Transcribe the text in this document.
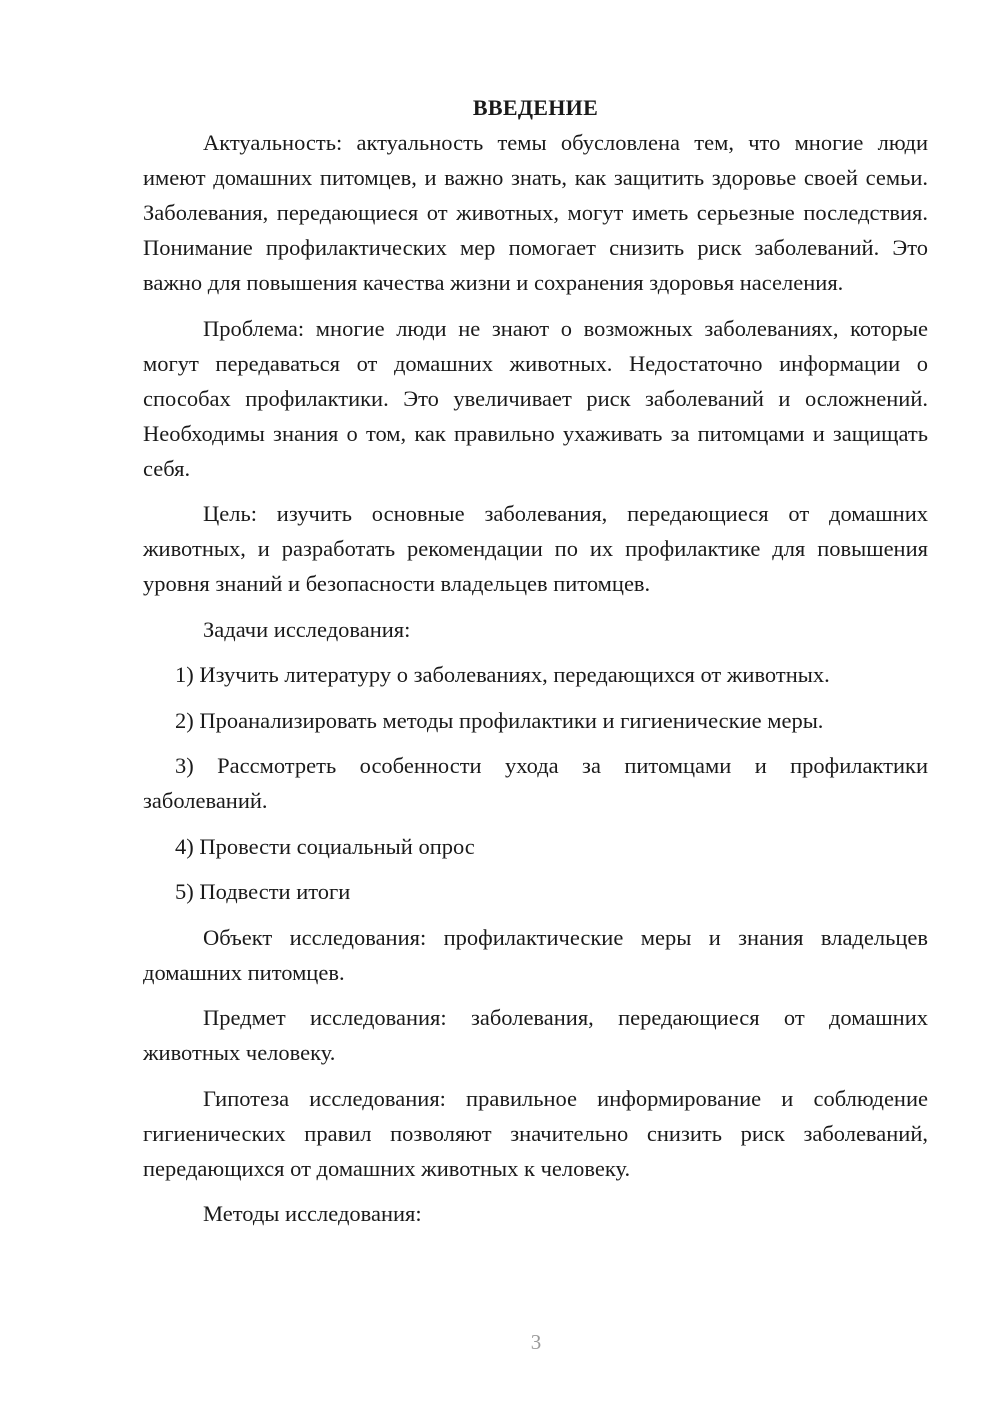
ВВЕДЕНИЕ

Актуальность: актуальность темы обусловлена тем, что многие люди имеют домашних питомцев, и важно знать, как защитить здоровье своей семьи. Заболевания, передающиеся от животных, могут иметь серьезные последствия. Понимание профилактических мер помогает снизить риск заболеваний. Это важно для повышения качества жизни и сохранения здоровья населения.

Проблема: многие люди не знают о возможных заболеваниях, которые могут передаваться от домашних животных. Недостаточно информации о способах профилактики. Это увеличивает риск заболеваний и осложнений. Необходимы знания о том, как правильно ухаживать за питомцами и защищать себя.

Цель: изучить основные заболевания, передающиеся от домашних животных, и разработать рекомендации по их профилактике для повышения уровня знаний и безопасности владельцев питомцев.

Задачи исследования:

1) Изучить литературу о заболеваниях, передающихся от животных.

2) Проанализировать методы профилактики и гигиенические меры.

3) Рассмотреть особенности ухода за питомцами и профилактики заболеваний.

4) Провести социальный опрос

5) Подвести итоги

Объект исследования: профилактические меры и знания владельцев домашних питомцев.

Предмет исследования: заболевания, передающиеся от домашних животных человеку.

Гипотеза исследования: правильное информирование и соблюдение гигиенических правил позволяют значительно снизить риск заболеваний, передающихся от домашних животных к человеку.

Методы исследования:

3
